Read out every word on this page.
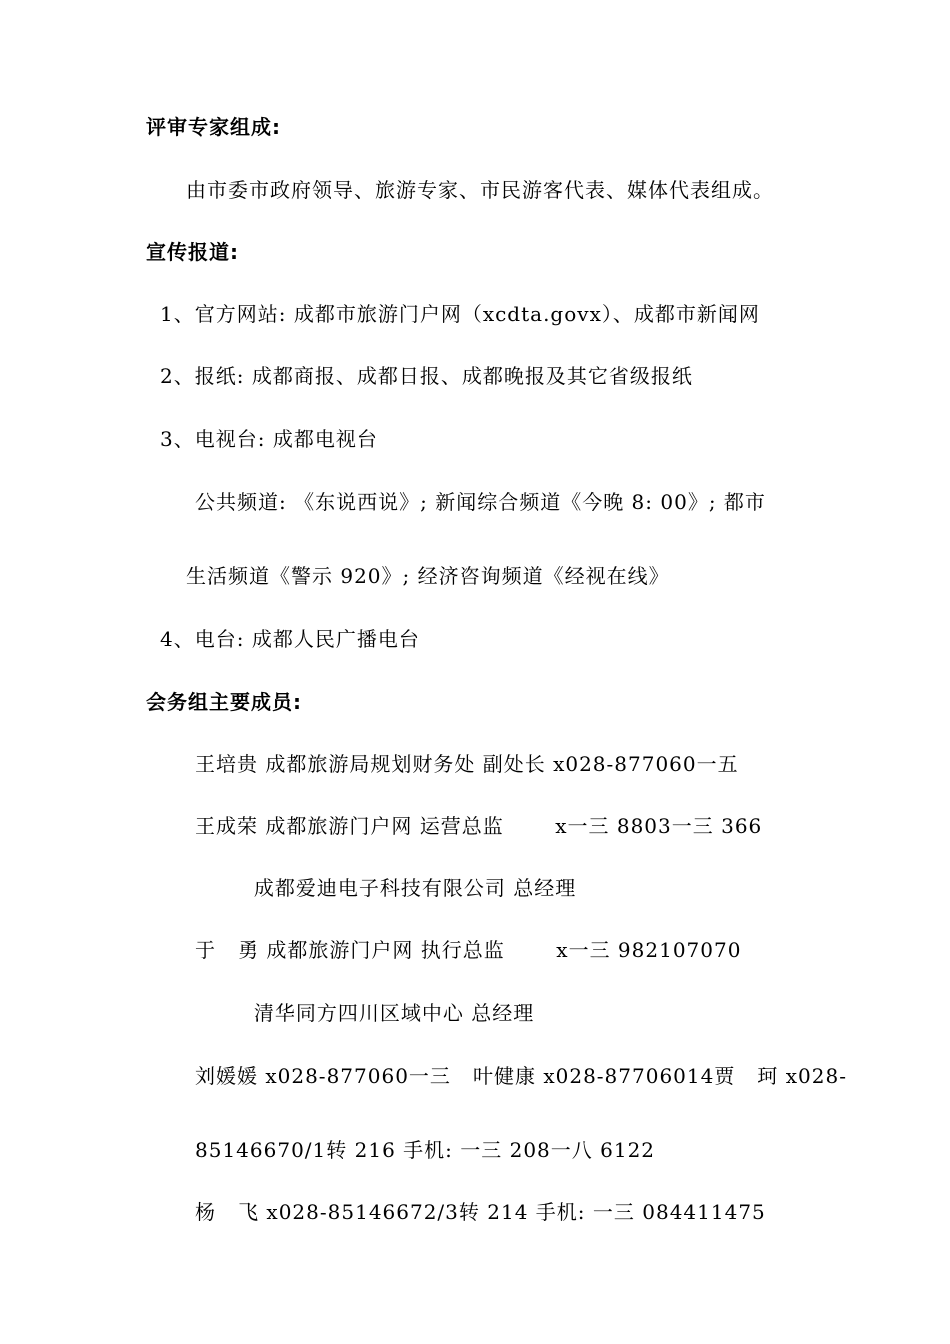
评审专家组成:
由市委市政府领导、旅游专家、市民游客代表、媒体代表组成。
宣传报道:
1、官方网站: 成都市旅游门户网（xcdta.govx）、成都市新闻网
2、报纸: 成都商报、成都日报、成都晚报及其它省级报纸
3、电视台: 成都电视台
公共频道: 《东说西说》; 新闻综合频道《今晚 8: 00》; 都市
生活频道《警示 920》; 经济咨询频道《经视在线》
4、电台: 成都人民广播电台
会务组主要成员:
王培贵 成都旅游局规划财务处 副处长 x028-877060一五
王成荣 成都旅游门户网 运营总监       x一三 8803一三 366
成都爱迪电子科技有限公司 总经理
于   勇 成都旅游门户网 执行总监       x一三 982107070
清华同方四川区域中心 总经理
刘媛媛 x028-877060一三   叶健康 x028-87706014贾   珂 x028-
85146670/1转 216 手机: 一三 208一八 6122
杨   飞 x028-85146672/3转 214 手机: 一三 084411475
